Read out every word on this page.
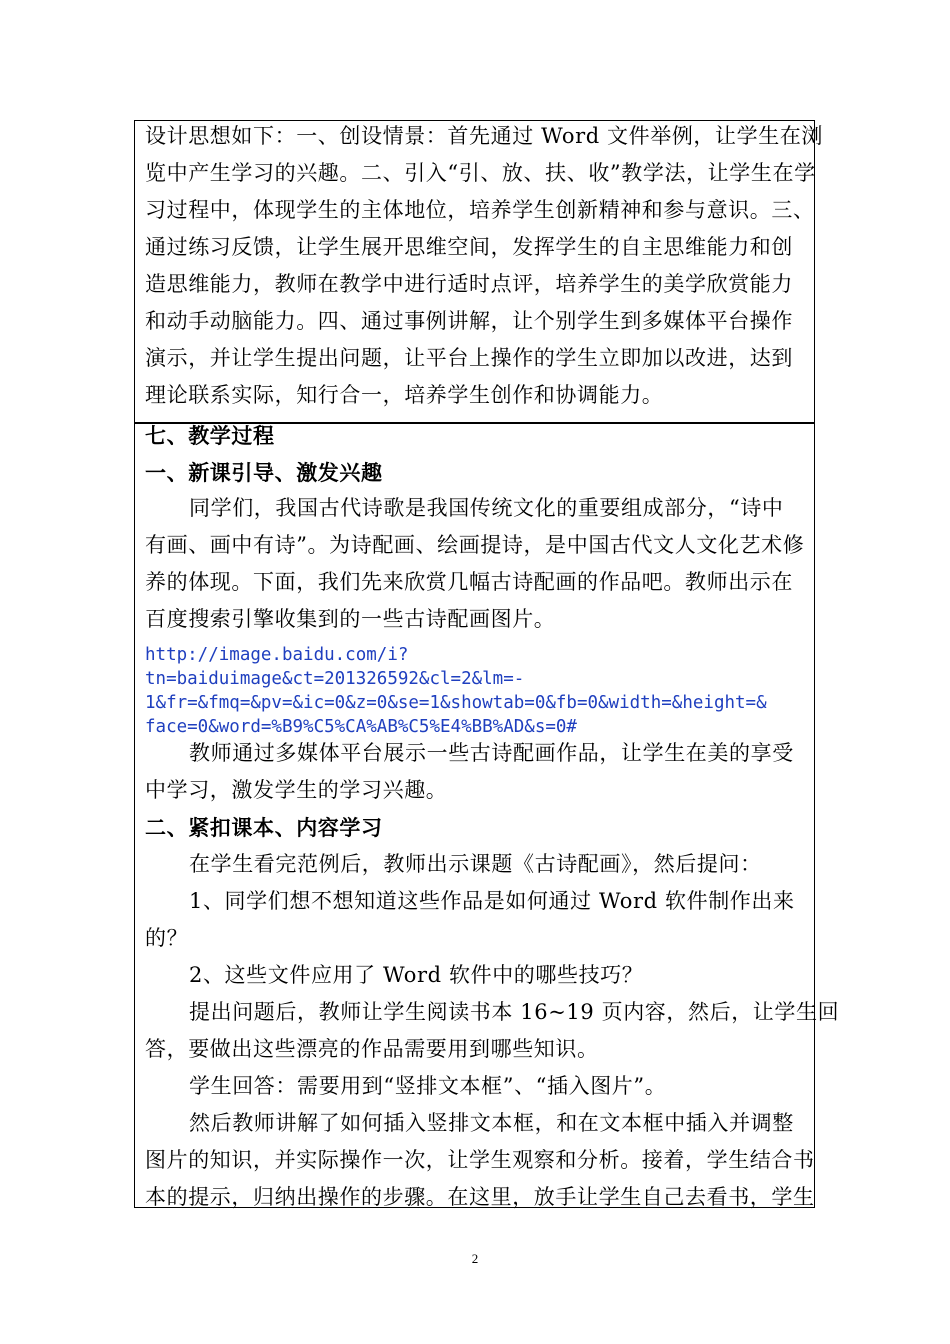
设计思想如下：一、创设情景：首先通过 Word 文件举例，让学生在浏
览中产生学习的兴趣。二、引入“引、放、扶、收”教学法，让学生在学
习过程中，体现学生的主体地位，培养学生创新精神和参与意识。三、
通过练习反馈，让学生展开思维空间，发挥学生的自主思维能力和创
造思维能力，教师在教学中进行适时点评，培养学生的美学欣赏能力
和动手动脑能力。四、通过事例讲解，让个别学生到多媒体平台操作
演示，并让学生提出问题，让平台上操作的学生立即加以改进，达到
理论联系实际，知行合一，培养学生创作和协调能力。
七、教学过程
一、新课引导、激发兴趣
同学们，我国古代诗歌是我国传统文化的重要组成部分，“诗中
有画、画中有诗”。为诗配画、绘画提诗，是中国古代文人文化艺术修
养的体现。下面，我们先来欣赏几幅古诗配画的作品吧。教师出示在
百度搜索引擎收集到的一些古诗配画图片。
http://image.baidu.com/i?
tn=baiduimage&ct=201326592&cl=2&lm=-
1&fr=&fmq=&pv=&ic=0&z=0&se=1&showtab=0&fb=0&width=&height=&
face=0&word=%B9%C5%CA%AB%C5%E4%BB%AD&s=0#
教师通过多媒体平台展示一些古诗配画作品，让学生在美的享受
中学习，激发学生的学习兴趣。
二、紧扣课本、内容学习
在学生看完范例后，教师出示课题《古诗配画》，然后提问：
1、同学们想不想知道这些作品是如何通过 Word 软件制作出来
的？
2、这些文件应用了 Word 软件中的哪些技巧？
提出问题后，教师让学生阅读书本 16~19 页内容，然后，让学生回
答，要做出这些漂亮的作品需要用到哪些知识。
学生回答：需要用到“竖排文本框”、“插入图片”。
然后教师讲解了如何插入竖排文本框，和在文本框中插入并调整
图片的知识，并实际操作一次，让学生观察和分析。接着，学生结合书
本的提示，归纳出操作的步骤。在这里，放手让学生自己去看书，学生
2
